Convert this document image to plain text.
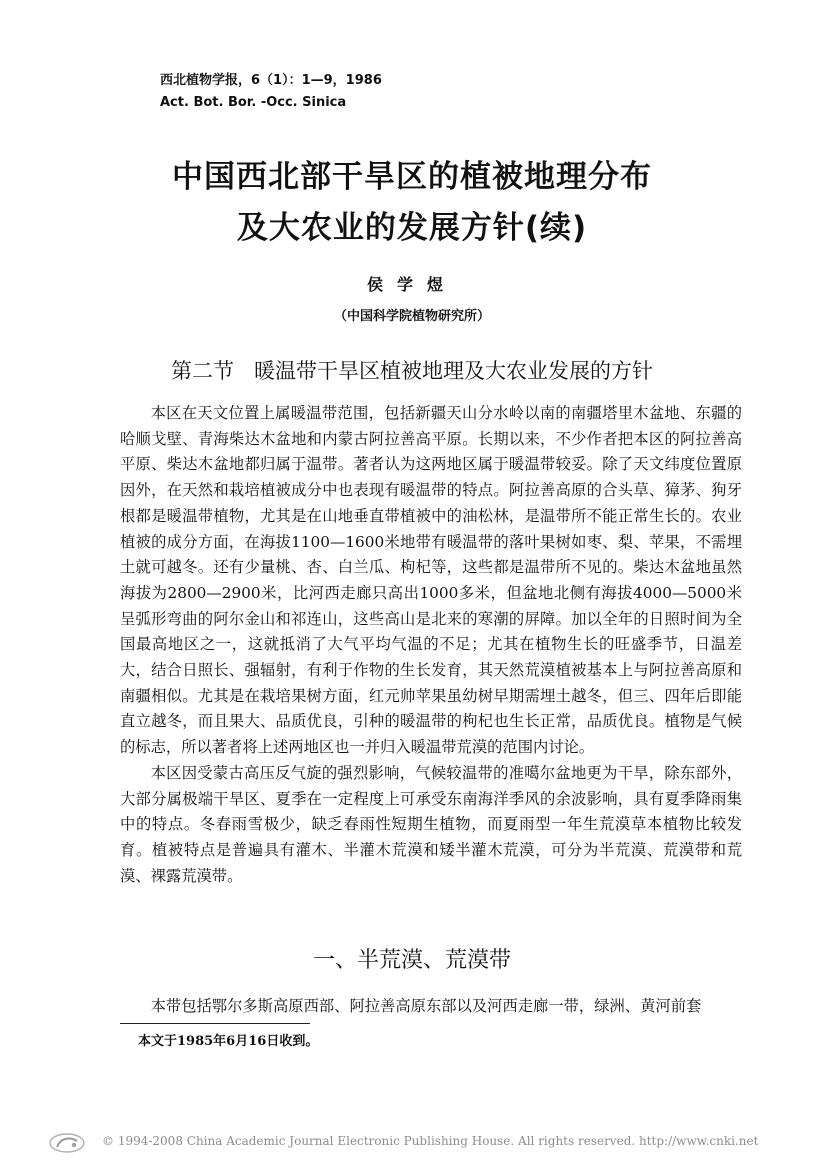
西北植物学报，6（1）：1—9，1986
Act. Bot. Bor. -Occ. Sinica
中国西北部干旱区的植被地理分布
及大农业的发展方针(续)
侯学煜
（中国科学院植物研究所）
第二节 暖温带干旱区植被地理及大农业发展的方针

本区在天文位置上属暖温带范围，包括新疆天山分水岭以南的南疆塔里木盆地、东疆的哈顺戈壁、青海柴达木盆地和内蒙古阿拉善高平原。长期以来，不少作者把本区的阿拉善高平原、柴达木盆地都归属于温带。著者认为这两地区属于暖温带较妥。除了天文纬度位置原因外，在天然和栽培植被成分中也表现有暖温带的特点。阿拉善高原的合头草、獐茅、狗牙根都是暖温带植物，尤其是在山地垂直带植被中的油松林，是温带所不能正常生长的。农业植被的成分方面，在海拔1100—1600米地带有暖温带的落叶果树如枣、梨、苹果，不需埋土就可越冬。还有少量桃、杏、白兰瓜、枸杞等，这些都是温带所不见的。柴达木盆地虽然海拔为2800—2900米，比河西走廊只高出1000多米，但盆地北侧有海拔4000—5000米呈弧形弯曲的阿尔金山和祁连山，这些高山是北来的寒潮的屏障。加以全年的日照时间为全国最高地区之一，这就抵消了大气平均气温的不足；尤其在植物生长的旺盛季节，日温差大，结合日照长、强辐射，有利于作物的生长发育，其天然荒漠植被基本上与阿拉善高原和南疆相似。尤其是在栽培果树方面，红元帅苹果虽幼树早期需埋土越冬，但三、四年后即能直立越冬，而且果大、品质优良，引种的暖温带的枸杞也生长正常，品质优良。植物是气候的标志，所以著者将上述两地区也一并归入暖温带荒漠的范围内讨论。

本区因受蒙古高压反气旋的强烈影响，气候较温带的准噶尔盆地更为干旱，除东部外，大部分属极端干旱区、夏季在一定程度上可承受东南海洋季风的余波影响，具有夏季降雨集中的特点。冬春雨雪极少，缺乏春雨性短期生植物，而夏雨型一年生荒漠草本植物比较发育。植被特点是普遍具有灌木、半灌木荒漠和矮半灌木荒漠，可分为半荒漠、荒漠带和荒漠、裸露荒漠带。

一、半荒漠、荒漠带
本带包括鄂尔多斯高原西部、阿拉善高原东部以及河西走廊一带，绿洲、黄河前套
本文于1985年6月16日收到。
© 1994-2008 China Academic Journal Electronic Publishing House. All rights reserved. http://www.cnki.net
